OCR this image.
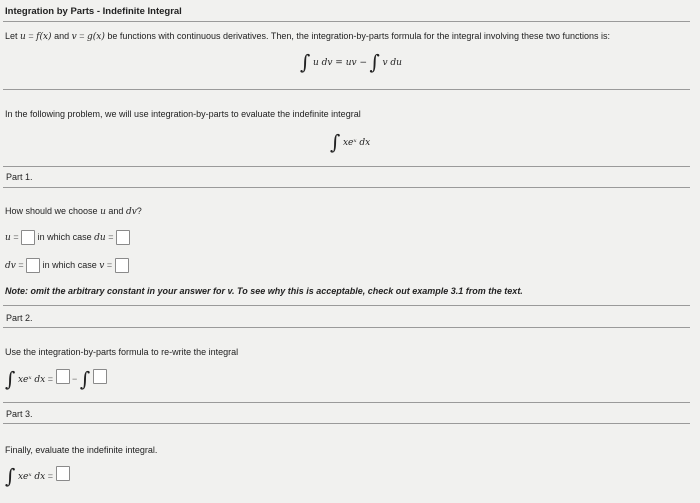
Integration by Parts - Indefinite Integral
Let u = f(x) and v = g(x) be functions with continuous derivatives. Then, the integration-by-parts formula for the integral involving these two functions is:
∫ u dv = uv − ∫ v du
In the following problem, we will use integration-by-parts to evaluate the indefinite integral
∫ xeˣ dx
Part 1.
How should we choose u and dv?
u = in which case du =
dv = in which case v =
Note: omit the arbitrary constant in your answer for v. To see why this is acceptable, check out example 3.1 from the text.
Part 2.
Use the integration-by-parts formula to re-write the integral
∫ xeˣ dx = − ∫
Part 3.
Finally, evaluate the indefinite integral.
∫ xeˣ dx =
